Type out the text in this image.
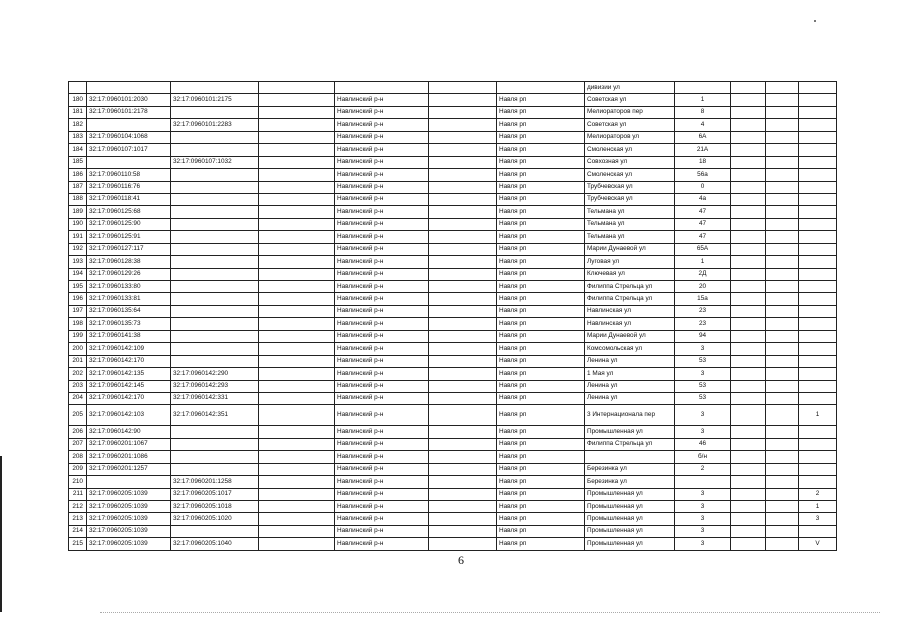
							дивизии ул				
180	32:17:0960101:2030	32:17:0960101:2175		Навлинский р-н		Навля рп	Советская ул	1			
181	32:17:0960101:2178			Навлинский р-н		Навля рп	Мелиораторов пер	8			
182		32:17:0960101:2283		Навлинский р-н		Навля рп	Советская ул	4			
183	32:17:0960104:1068			Навлинский р-н		Навля рп	Мелиораторов ул	6А			
184	32:17:0960107:1017			Навлинский р-н		Навля рп	Смоленская ул	21А			
185		32:17:0960107:1032		Навлинский р-н		Навля рп	Совхозная ул	18			
186	32:17:0960110:58			Навлинский р-н		Навля рп	Смоленская ул	56а			
187	32:17:0960116:76			Навлинский р-н		Навля рп	Трубчевская ул	0			
188	32:17:0960118:41			Навлинский р-н		Навля рп	Трубчевская ул	4а			
189	32:17:0960125:68			Навлинский р-н		Навля рп	Тельмана ул	47			
190	32:17:0960125:90			Навлинский р-н		Навля рп	Тельмана ул	47			
191	32:17:0960125:91			Навлинский р-н		Навля рп	Тельмана ул	47			
192	32:17:0960127:117			Навлинский р-н		Навля рп	Марии Дунаевой ул	65А			
193	32:17:0960128:38			Навлинский р-н		Навля рп	Луговая ул	1			
194	32:17:0960129:26			Навлинский р-н		Навля рп	Ключевая ул	2Д			
195	32:17:0960133:80			Навлинский р-н		Навля рп	Филиппа Стрельца ул	20			
196	32:17:0960133:81			Навлинский р-н		Навля рп	Филиппа Стрельца ул	15а			
197	32:17:0960135:64			Навлинский р-н		Навля рп	Навлинская ул	23			
198	32:17:0960135:73			Навлинский р-н		Навля рп	Навлинская ул	23			
199	32:17:0960141:38			Навлинский р-н		Навля рп	Марии Дунаевой ул	94			
200	32:17:0960142:109			Навлинский р-н		Навля рп	Комсомольская ул	3			
201	32:17:0960142:170			Навлинский р-н		Навля рп	Ленина ул	53			
202	32:17:0960142:135	32:17:0960142:290		Навлинский р-н		Навля рп	1 Мая ул	3			
203	32:17:0960142:145	32:17:0960142:293		Навлинский р-н		Навля рп	Ленина ул	53			
204	32:17:0960142:170	32:17:0960142:331		Навлинский р-н		Навля рп	Ленина ул	53			
205	32:17:0960142:103	32:17:0960142:351		Навлинский р-н		Навля рп	3 Интернационала пер	3			1
206	32:17:0960142:90			Навлинский р-н		Навля рп	Промышленная ул	3			
207	32:17:0960201:1067			Навлинский р-н		Навля рп	Филиппа Стрельца ул	46			
208	32:17:0960201:1086			Навлинский р-н		Навля рп		б/н			
209	32:17:0960201:1257			Навлинский р-н		Навля рп	Березинка ул	2			
210		32:17:0960201:1258		Навлинский р-н		Навля рп	Березинка ул				
211	32:17:0960205:1039	32:17:0960205:1017		Навлинский р-н		Навля рп	Промышленная ул	3			2
212	32:17:0960205:1039	32:17:0960205:1018		Навлинский р-н		Навля рп	Промышленная ул	3			1
213	32:17:0960205:1039	32:17:0960205:1020		Навлинский р-н		Навля рп	Промышленная ул	3			3
214	32:17:0960205:1039			Навлинский р-н		Навля рп	Промышленная ул	3			
215	32:17:0960205:1039	32:17:0960205:1040		Навлинский р-н		Навля рп	Промышленная ул	3			V
6
